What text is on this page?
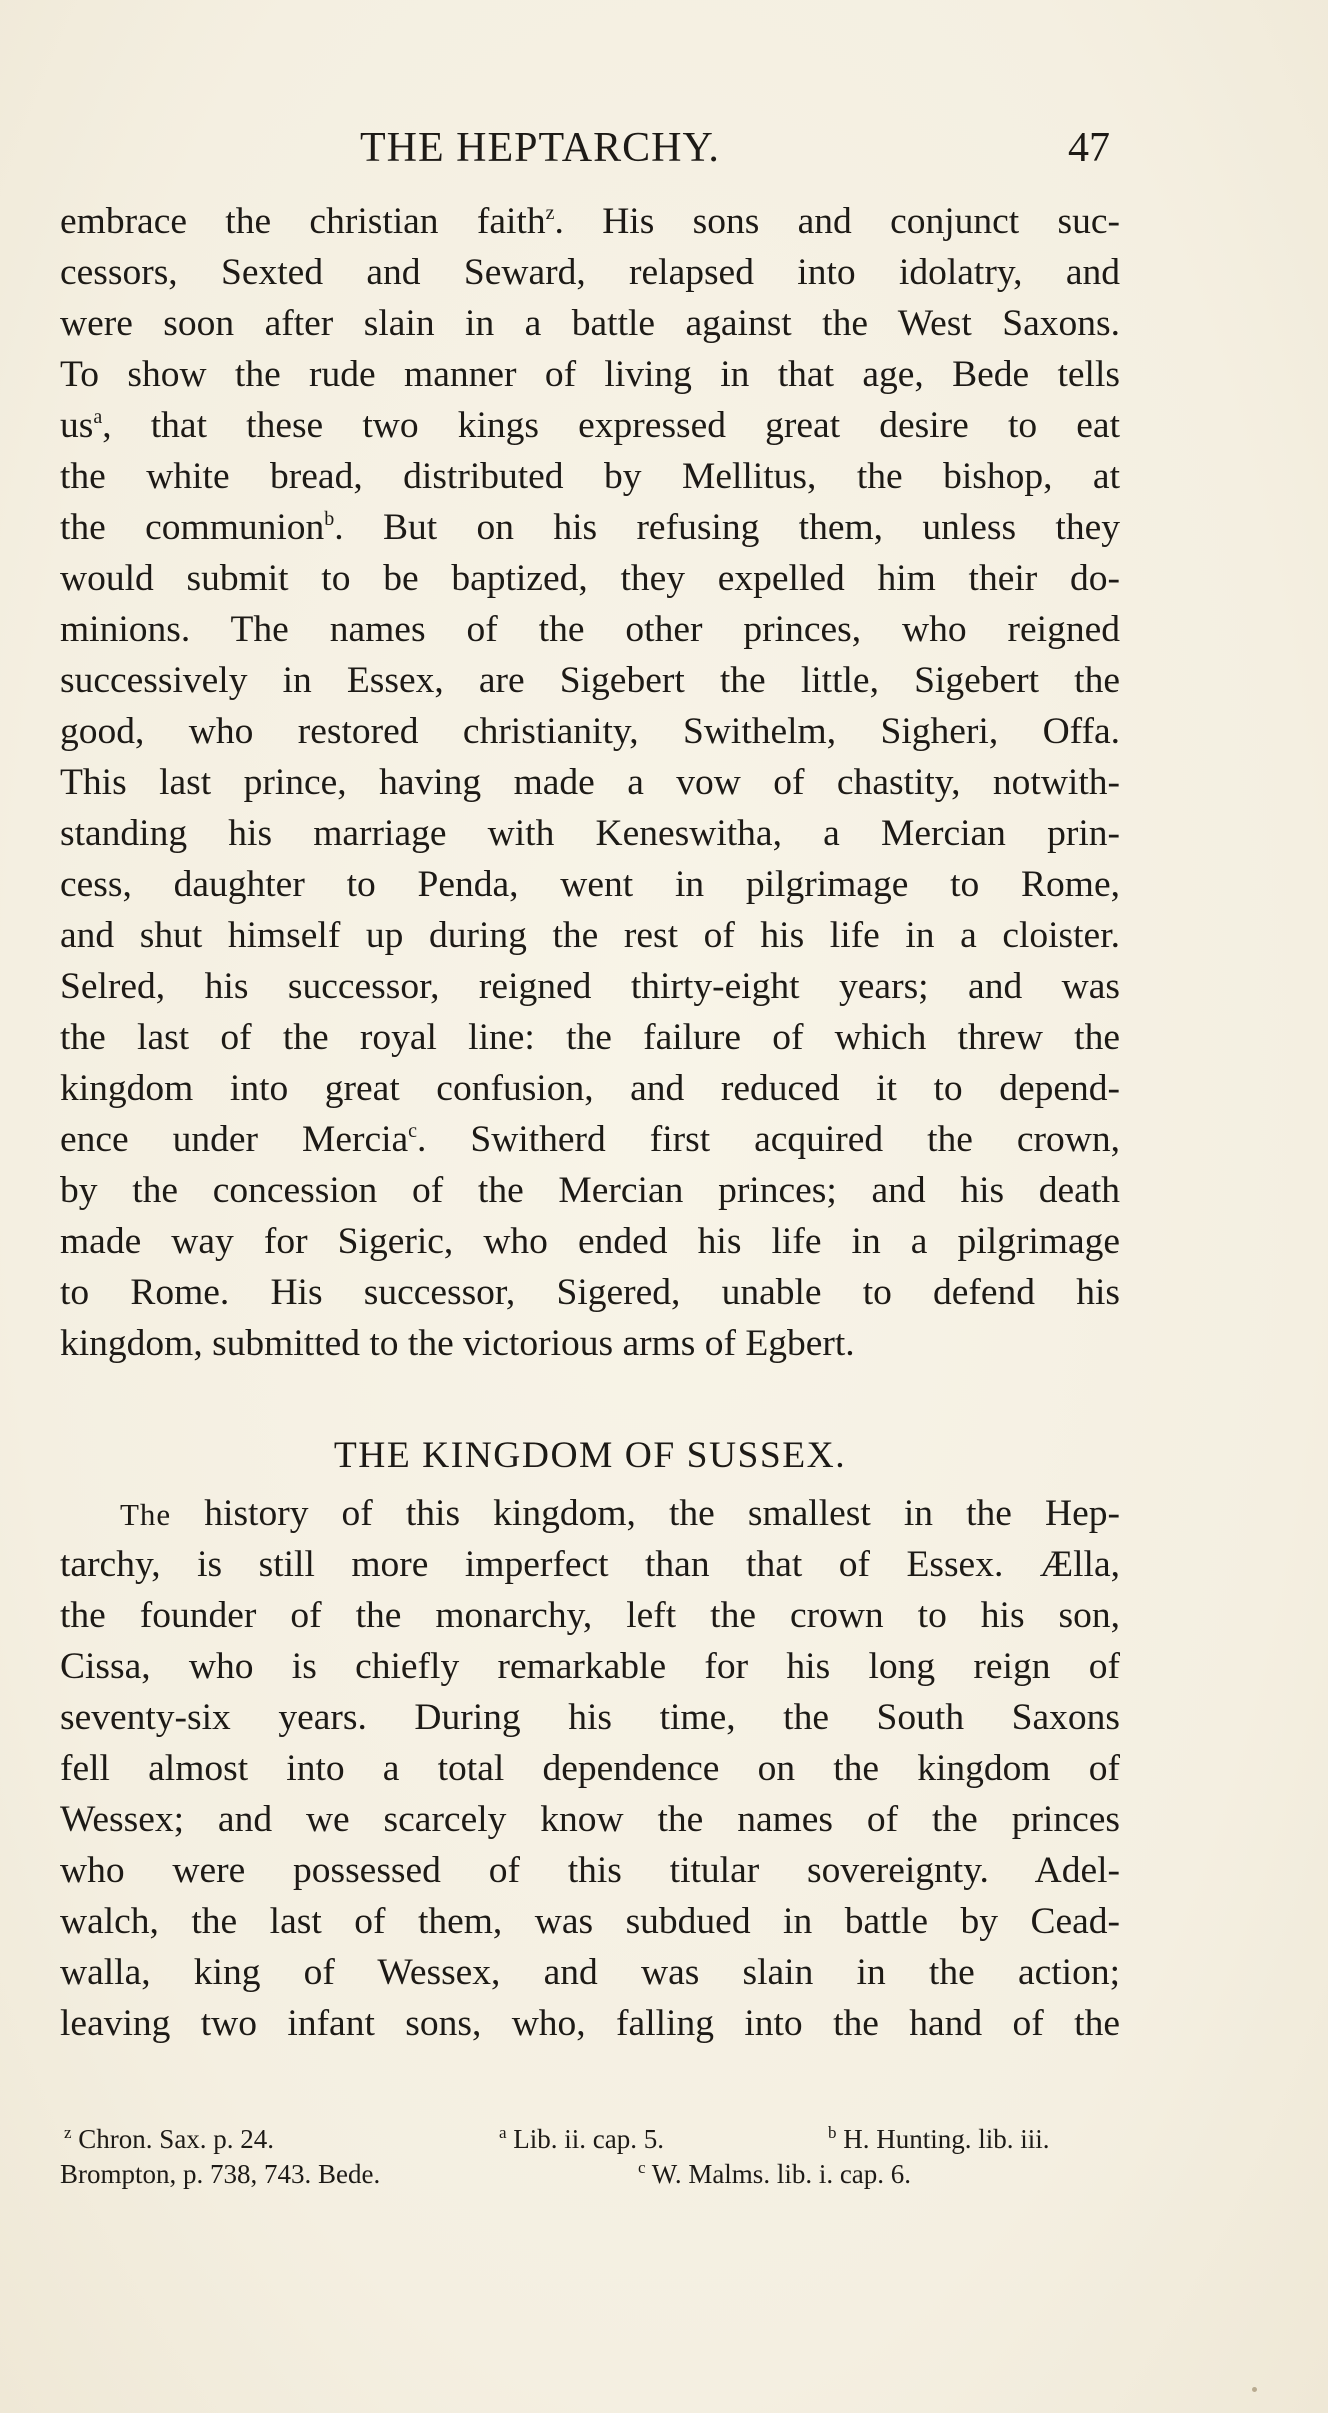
THE HEPTARCHY.	47
embrace the christian faith$^z$. His sons and conjunct suc-
cessors, Sexted and Seward, relapsed into idolatry, and
were soon after slain in a battle against the West Saxons.
To show the rude manner of living in that age, Bede tells
$us^a$, that these two kings expressed great desire to eat
the white bread, distributed by Mellitus, the bishop, at
the communion$^b$. But on his refusing them, unless they
would submit to be baptized, they expelled him their do-
minions. The names of the other princes, who reigned
successively in Essex, are Sigebert the little, Sigebert the
good, who restored christianity, Swithelm, Sigheri, Offa.
This last prince, having made a vow of chastity, notwith-
standing his marriage with Keneswitha, a Mercian prin-
cess, daughter to Penda, went in pilgrimage to Rome,
and shut himself up during the rest of his life in a cloister.
Selred, his successor, reigned thirty-eight years; and was
the last of the royal line: the failure of which threw the
kingdom into great confusion, and reduced it to depend-
ence under Mercia$^c$. Switherd first acquired the crown,
by the concession of the Mercian princes; and his death
made way for Sigeric, who ended his life in a pilgrimage
to Rome. His successor, Sigered, unable to defend his
kingdom, submitted to the victorious arms of Egbert.
THE KINGDOM OF SUSSEX.
The history of this kingdom, the smallest in the Hep-
tarchy, is still more imperfect than that of Essex. Ælla,
the founder of the monarchy, left the crown to his son,
Cissa, who is chiefly remarkable for his long reign of
seventy-six years. During his time, the South Saxons
fell almost into a total dependence on the kingdom of
Wessex; and we scarcely know the names of the princes
who were possessed of this titular sovereignty. Adel-
walch, the last of them, was subdued in battle by Cead-
walla, king of Wessex, and was slain in the action;
leaving two infant sons, who, falling into the hand of the
$^z$ Chron. Sax. p. 24.	$^a$ Lib. ii. cap. 5.	$^b$ H. Hunting. lib. iii.
Brompton, p. 738, 743. Bede.	$^c$ W. Malms. lib. i. cap. 6.
